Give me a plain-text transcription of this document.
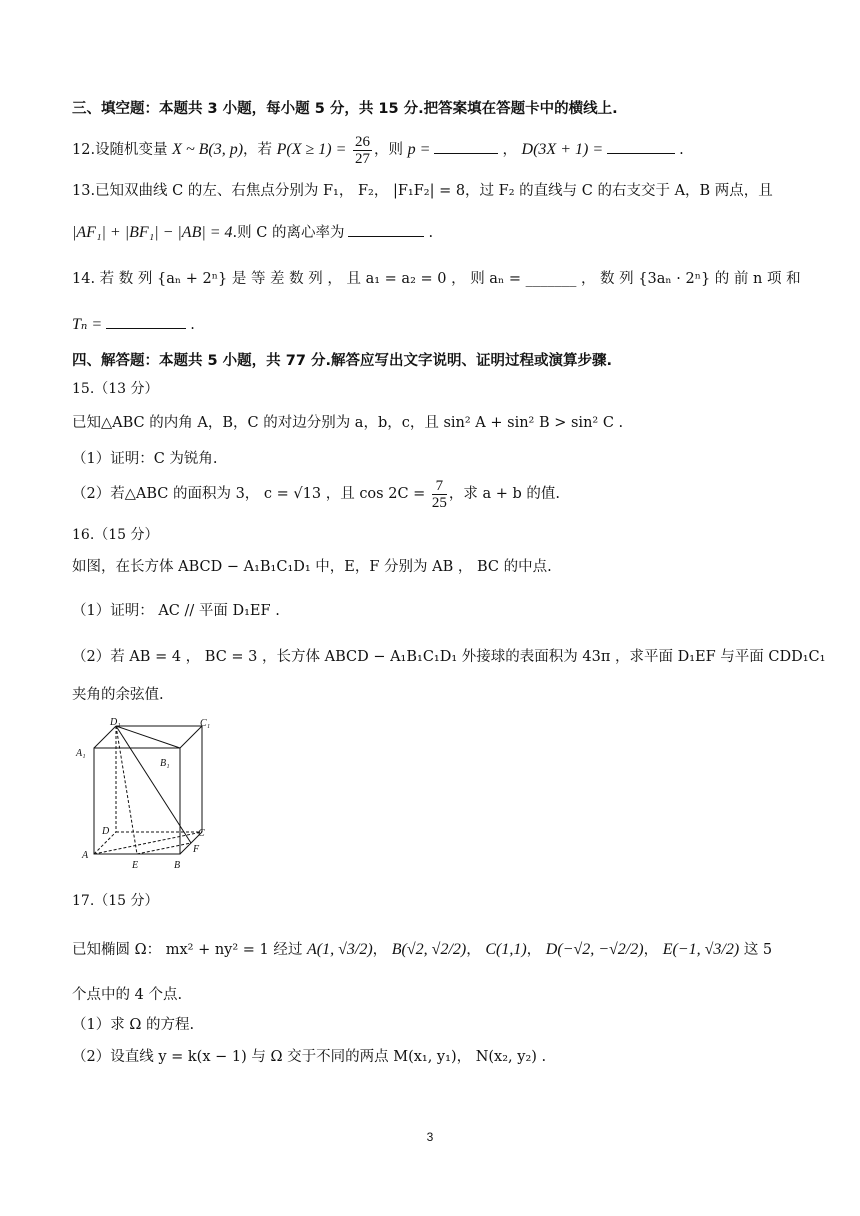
三、填空题：本题共 3 小题，每小题 5 分，共 15 分.把答案填在答题卡中的横线上.
12.设随机变量 X ~ B(3, p)，若 $P(X \ge 1) = \frac{26}{27}$ ，则 p =	， D(3X + 1) =	.
13.已知双曲线 C 的左、右焦点分别为 F₁， F₂， |F₁F₂| = 8，过 F₂ 的直线与 C 的右支交于 A，B 两点，且
|AF₁| + |BF₁| − |AB| = 4.则 C 的离心率为	.
14. 若 数 列 {aₙ + 2ⁿ} 是 等 差 数 列 ， 且 a₁ = a₂ = 0 ， 则 aₙ = _______ ， 数 列 {3aₙ · 2ⁿ} 的 前 n 项 和
Tₙ =	.
四、解答题：本题共 5 小题，共 77 分.解答应写出文字说明、证明过程或演算步骤.
15.（13 分）
已知△ABC 的内角 A，B，C 的对边分别为 a，b，c，且 sin² A + sin² B > sin² C .
（1）证明：C 为锐角.
（2）若△ABC 的面积为 3， c = √13 ，且 $\cos 2C = \frac{7}{25}$ ，求 a + b 的值.
16.（15 分）
如图，在长方体 ABCD − A₁B₁C₁D₁ 中，E，F 分别为 AB ， BC 的中点.
（1）证明： AC // 平面 D₁EF .
（2）若 AB = 4 ， BC = 3 ，长方体 ABCD − A₁B₁C₁D₁ 外接球的表面积为 43π ，求平面 D₁EF 与平面 CDD₁C₁
夹角的余弦值.
D₁	C₁
A₁
B₁
D	C
A
B
E
F
17.（15 分）
已知椭圆 Ω： mx² + ny² = 1 经过 A(1, √3/2)， B(√2, √2/2)， C(1,1)， D(−√2, −√2/2)， E(−1, √3/2) 这 5
个点中的 4 个点.
（1）求 Ω 的方程.
（2）设直线 y = k(x − 1) 与 Ω 交于不同的两点 M(x₁, y₁)， N(x₂, y₂) .
3
